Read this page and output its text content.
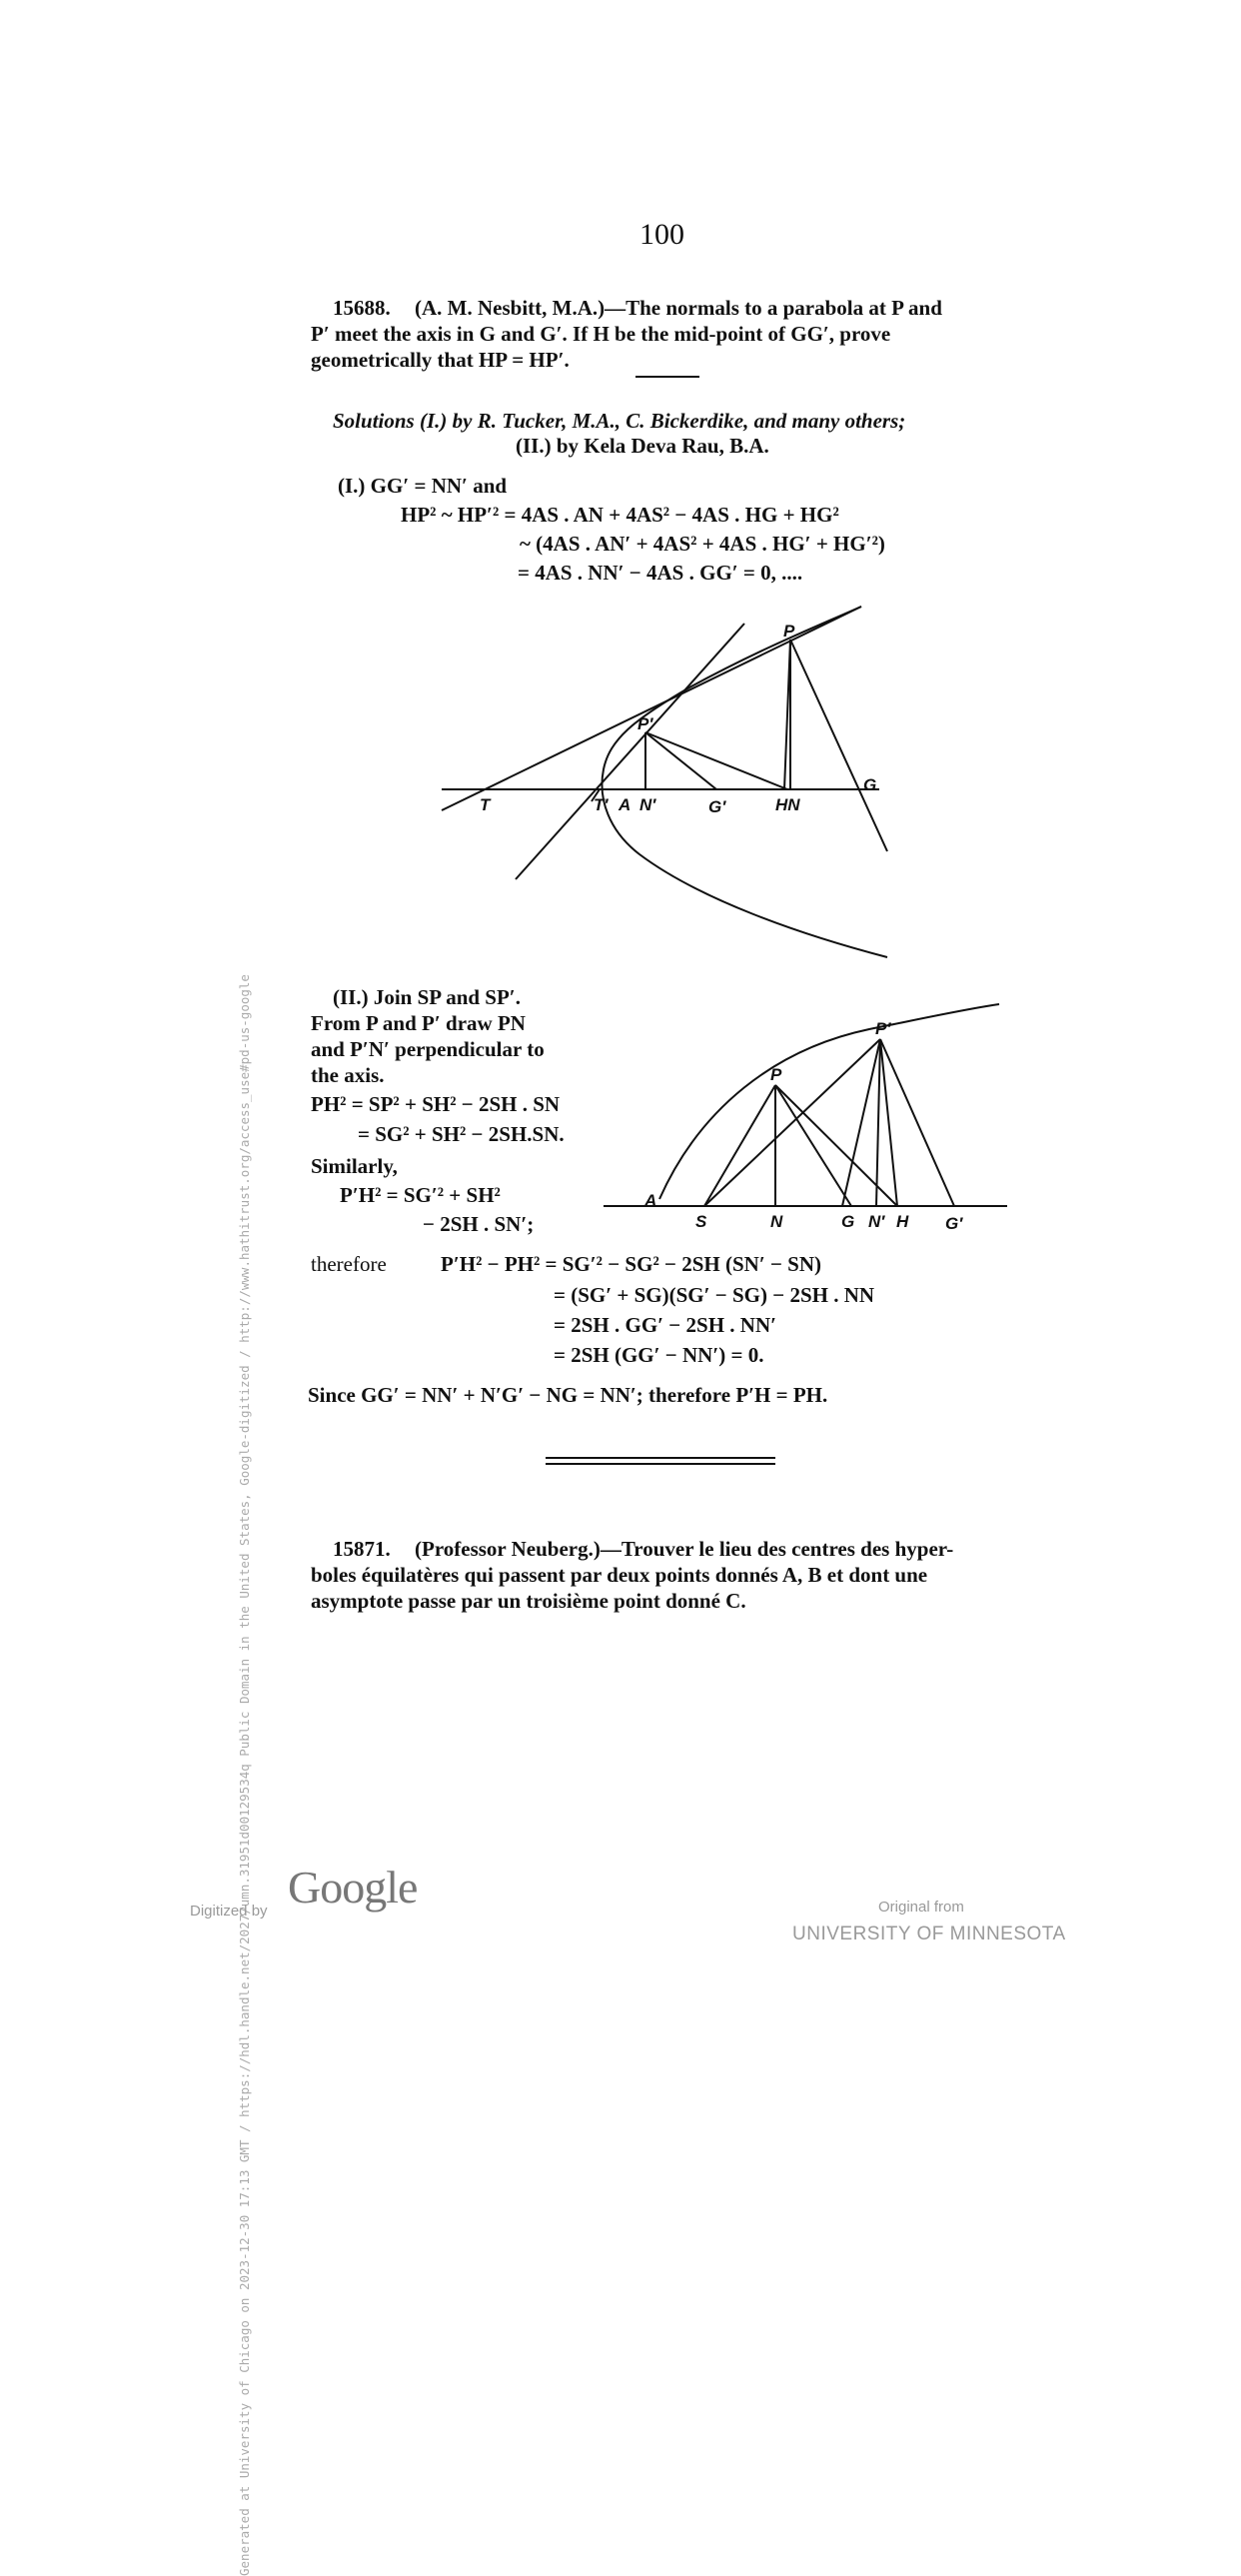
100
15688. (A. M. Nesbitt, M.A.)—The normals to a parabola at P and
P′ meet the axis in G and G′. If H be the mid-point of GG′, prove
geometrically that HP = HP′.
Solutions (I.) by R. Tucker, M.A., C. Bickerdike, and many others;
(II.) by Kela Deva Rau, B.A.
(I.) GG′ = NN′ and
HP² ~ HP′² = 4AS . AN + 4AS² − 4AS . HG + HG²
~ (4AS . AN′ + 4AS² + 4AS . HG′ + HG′²)
= 4AS . NN′ − 4AS . GG′ = 0, ....
P
P′
T	T′ A N′	G′	HN
G
(II.) Join SP and SP′.
From P and P′ draw PN
and P′N′ perpendicular to
the axis.
PH² = SP² + SH² − 2SH . SN
= SG² + SH² − 2SH.SN.
Similarly,
P′H² = SG′² + SH²
− 2SH . SN′;
P′
P
A
S	N	G N′ H G′
therefore	P′H² − PH² = SG′² − SG² − 2SH (SN′ − SN)
= (SG′ + SG)(SG′ − SG) − 2SH . NN
= 2SH . GG′ − 2SH . NN′
= 2SH (GG′ − NN′) = 0.
Since GG′ = NN′ + N′G′ − NG = NN′; therefore P′H = PH.
15871. (Professor Neuberg.)—Trouver le lieu des centres des hyper-
boles équilatères qui passent par deux points donnés A, B et dont une
asymptote passe par un troisième point donné C.
Generated at University of Chicago on 2023-12-30 17:13 GMT / https://hdl.handle.net/2027/umn.31951d00129534q Public Domain in the United States, Google-digitized / http://www.hathitrust.org/access_use#pd-us-google
Digitized by Google	Original from
UNIVERSITY OF MINNESOTA
